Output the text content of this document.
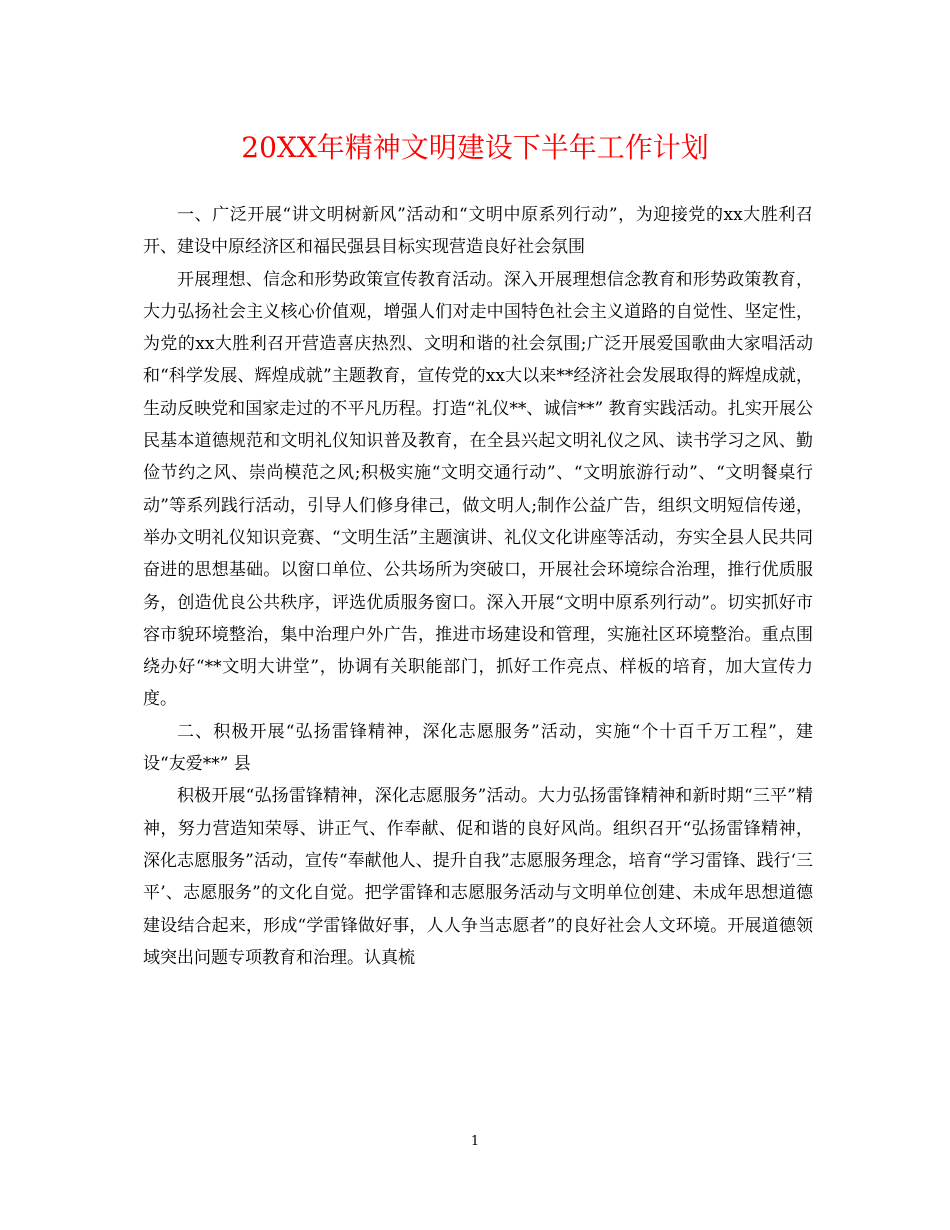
20XX年精神文明建设下半年工作计划

一、广泛开展“讲文明树新风”活动和“文明中原系列行动”，为迎接党的xx大胜利召开、建设中原经济区和福民强县目标实现营造良好社会氛围

开展理想、信念和形势政策宣传教育活动。深入开展理想信念教育和形势政策教育，大力弘扬社会主义核心价值观，增强人们对走中国特色社会主义道路的自觉性、坚定性，为党的xx大胜利召开营造喜庆热烈、文明和谐的社会氛围;广泛开展爱国歌曲大家唱活动和“科学发展、辉煌成就”主题教育，宣传党的xx大以来**经济社会发展取得的辉煌成就，生动反映党和国家走过的不平凡历程。打造“礼仪**、诚信**” 教育实践活动。扎实开展公民基本道德规范和文明礼仪知识普及教育，在全县兴起文明礼仪之风、读书学习之风、勤俭节约之风、崇尚模范之风;积极实施“文明交通行动”、“文明旅游行动”、“文明餐桌行动”等系列践行活动，引导人们修身律己，做文明人;制作公益广告，组织文明短信传递，举办文明礼仪知识竞赛、“文明生活”主题演讲、礼仪文化讲座等活动，夯实全县人民共同奋进的思想基础。以窗口单位、公共场所为突破口，开展社会环境综合治理，推行优质服务，创造优良公共秩序，评选优质服务窗口。深入开展“文明中原系列行动”。切实抓好市容市貌环境整治，集中治理户外广告，推进市场建设和管理，实施社区环境整治。重点围绕办好“**文明大讲堂”，协调有关职能部门，抓好工作亮点、样板的培育，加大宣传力度。

二、积极开展“弘扬雷锋精神，深化志愿服务”活动，实施“个十百千万工程”，建设“友爱**” 县

积极开展“弘扬雷锋精神，深化志愿服务”活动。大力弘扬雷锋精神和新时期“三平”精神，努力营造知荣辱、讲正气、作奉献、促和谐的良好风尚。组织召开“弘扬雷锋精神，深化志愿服务”活动，宣传“奉献他人、提升自我”志愿服务理念，培育“学习雷锋、践行‘三平’、志愿服务”的文化自觉。把学雷锋和志愿服务活动与文明单位创建、未成年思想道德建设结合起来，形成“学雷锋做好事，人人争当志愿者”的良好社会人文环境。开展道德领域突出问题专项教育和治理。认真梳

1
